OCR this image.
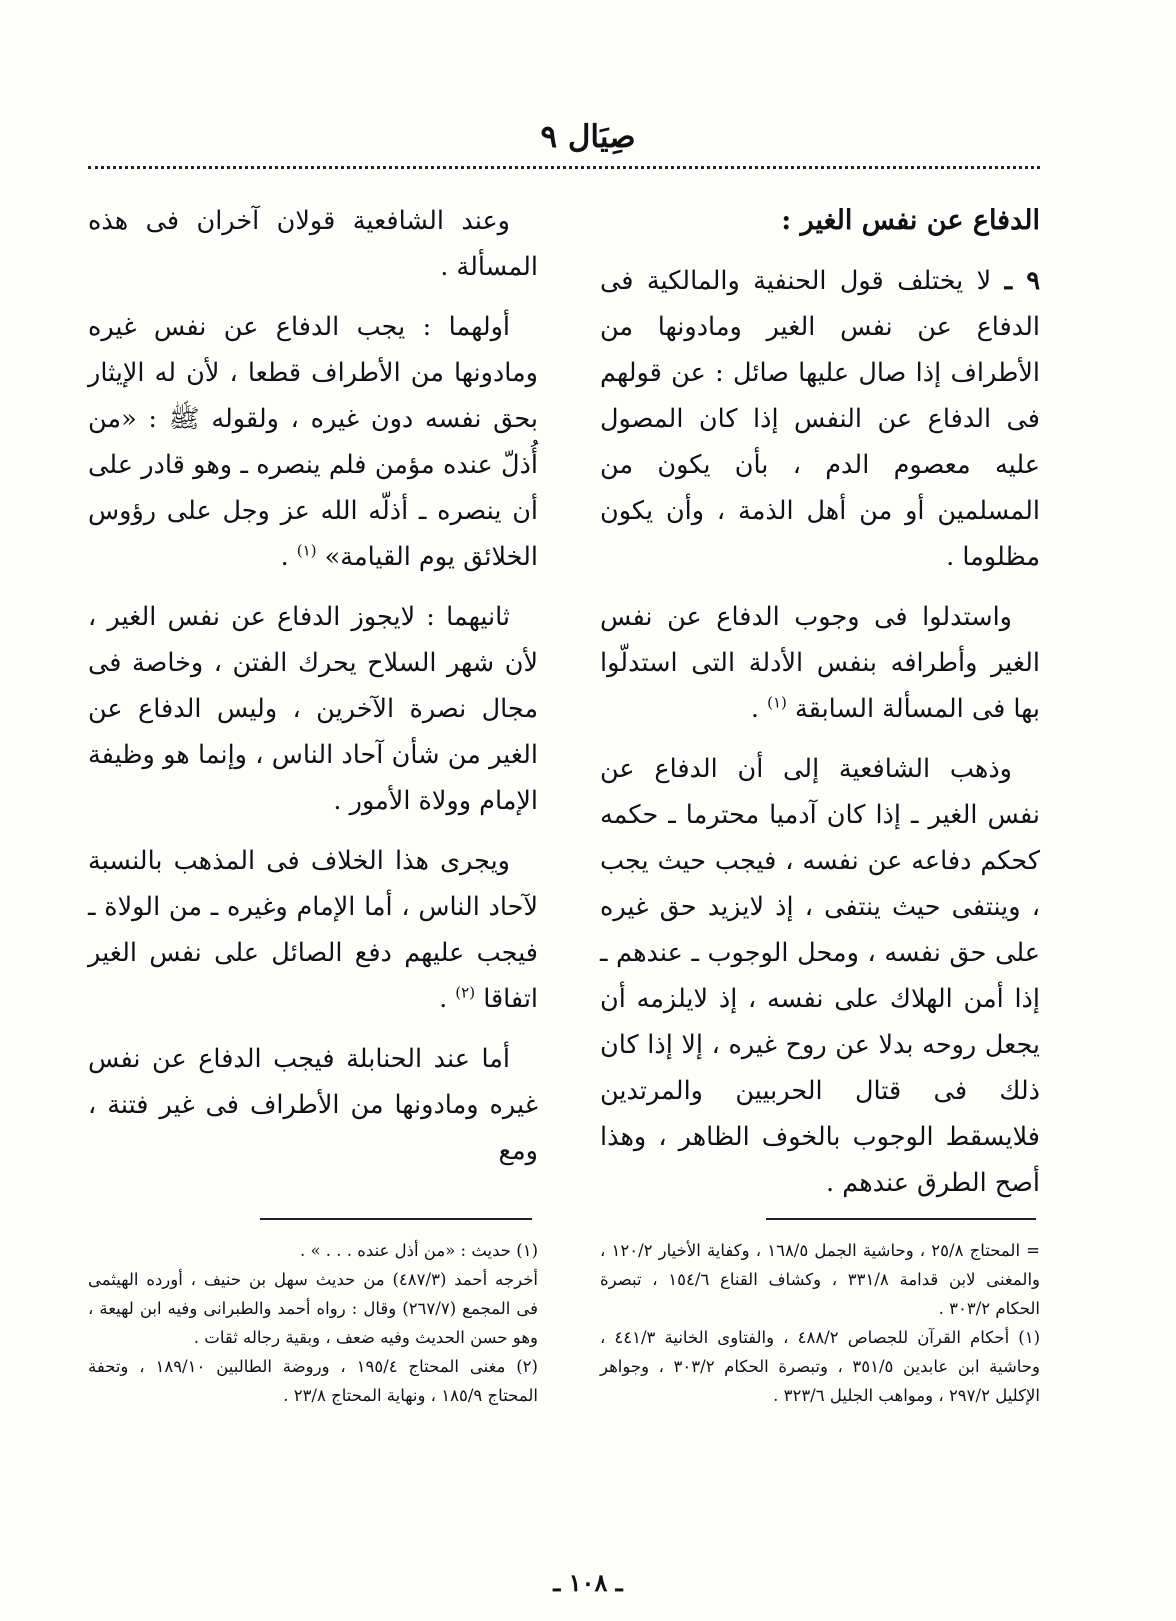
صِيَال ٩

الدفاع عن نفس الغير :

٩ ـ لا يختلف قول الحنفية والمالكية فى الدفاع عن نفس الغير ومادونها من الأطراف إذا صال عليها صائل : عن قولهم فى الدفاع عن النفس إذا كان المصول عليه معصوم الدم ، بأن يكون من المسلمين أو من أهل الذمة ، وأن يكون مظلوما .

واستدلوا فى وجوب الدفاع عن نفس الغير وأطرافه بنفس الأدلة التى استدلّوا بها فى المسألة السابقة $^{(١)}$ .

وذهب الشافعية إلى أن الدفاع عن نفس الغير ـ إذا كان آدميا محترما ـ حكمه كحكم دفاعه عن نفسه ، فيجب حيث يجب ، وينتفى حيث ينتفى ، إذ لايزيد حق غيره على حق نفسه ، ومحل الوجوب ـ عندهم ـ إذا أمن الهلاك على نفسه ، إذ لايلزمه أن يجعل روحه بدلا عن روح غيره ، إلا إذا كان ذلك فى قتال الحربيين والمرتدين فلايسقط الوجوب بالخوف الظاهر ، وهذا أصح الطرق عندهم .

وعند الشافعية قولان آخران فى هذه المسألة .

أولهما : يجب الدفاع عن نفس غيره ومادونها من الأطراف قطعا ، لأن له الإيثار بحق نفسه دون غيره ، ولقوله ﷺ : «من أُذلّ عنده مؤمن فلم ينصره ـ وهو قادر على أن ينصره ـ أذلّه الله عز وجل على رؤوس الخلائق يوم القيامة» $^{(١)}$ .

ثانيهما : لايجوز الدفاع عن نفس الغير ، لأن شهر السلاح يحرك الفتن ، وخاصة فى مجال نصرة الآخرين ، وليس الدفاع عن الغير من شأن آحاد الناس ، وإنما هو وظيفة الإمام وولاة الأمور .

ويجرى هذا الخلاف فى المذهب بالنسبة لآحاد الناس ، أما الإمام وغيره ـ من الولاة ـ فيجب عليهم دفع الصائل على نفس الغير اتفاقا $^{(٢)}$ .

أما عند الحنابلة فيجب الدفاع عن نفس غيره ومادونها من الأطراف فى غير فتنة ، ومع

= المحتاج ٢٥/٨ ، وحاشية الجمل ١٦٨/٥ ، وكفاية الأخيار ١٢٠/٢ ، والمغنى لابن قدامة ٣٣١/٨ ، وكشاف القناع ١٥٤/٦ ، تبصرة الحكام ٣٠٣/٢ .

(١) أحكام القرآن للجصاص ٤٨٨/٢ ، والفتاوى الخانية ٤٤١/٣ ، وحاشية ابن عابدين ٣٥١/٥ ، وتبصرة الحكام ٣٠٣/٢ ، وجواهر الإكليل ٢٩٧/٢ ، ومواهب الجليل ٣٢٣/٦ .

(١) حديث : «من أذل عنده . . . » .

أخرجه أحمد (٤٨٧/٣) من حديث سهل بن حنيف ، أورده الهيثمى فى المجمع (٢٦٧/٧) وقال : رواه أحمد والطبرانى وفيه ابن لهيعة ، وهو حسن الحديث وفيه ضعف ، وبقية رجاله ثقات .

(٢) مغنى المحتاج ١٩٥/٤ ، وروضة الطالبين ١٨٩/١٠ ، وتحفة المحتاج ١٨٥/٩ ، ونهاية المحتاج ٢٣/٨ .

ـ ١٠٨ ـ
